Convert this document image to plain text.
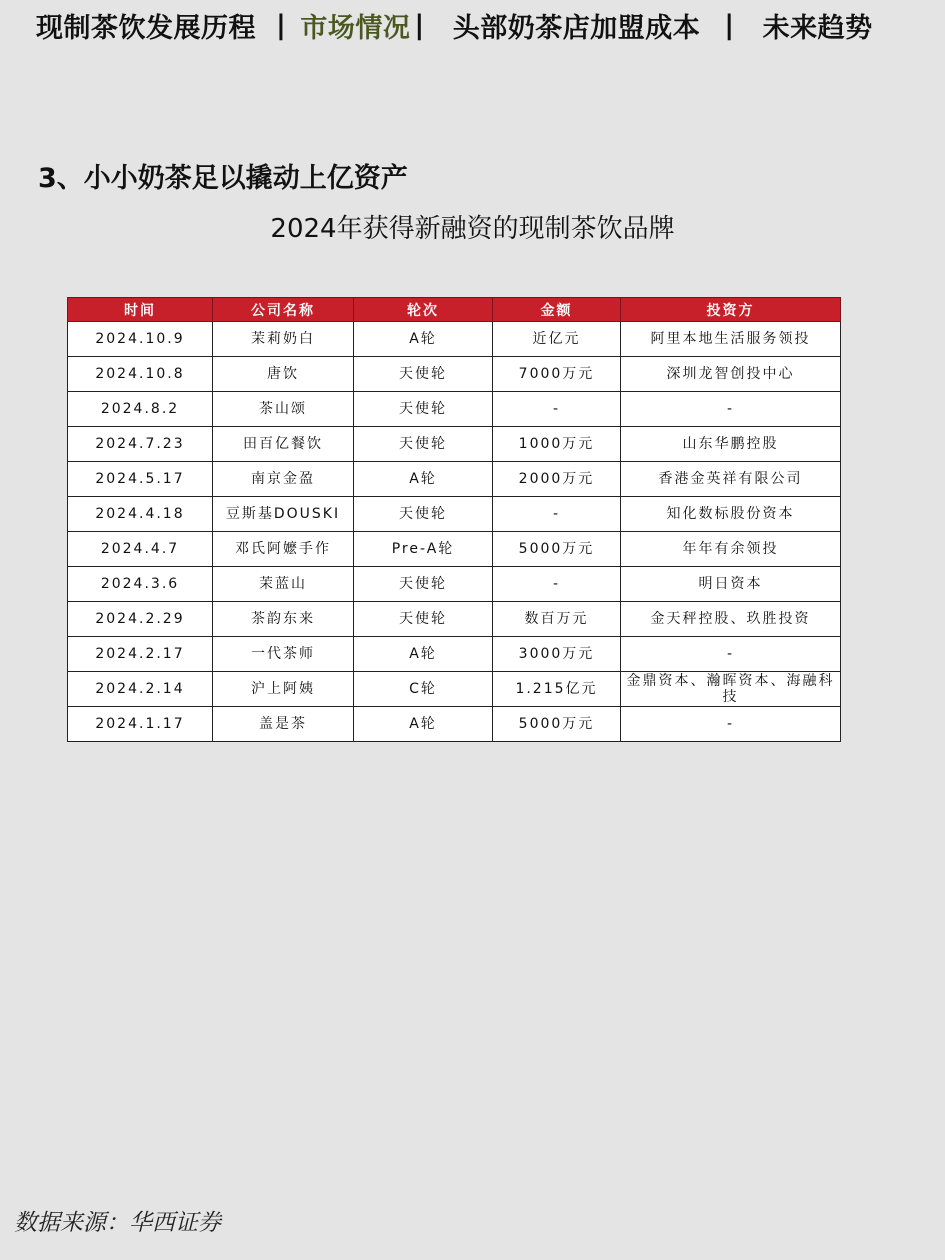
现制茶饮发展历程 | 市场情况 | 头部奶茶店加盟成本 | 未来趋势
3、小小奶茶足以撬动上亿资产
2024年获得新融资的现制茶饮品牌
时间	公司名称	轮次	金额	投资方
2024.10.9	茉莉奶白	A轮	近亿元	阿里本地生活服务领投
2024.10.8	唐饮	天使轮	7000万元	深圳龙智创投中心
2024.8.2	茶山颂	天使轮	-	-
2024.7.23	田百亿餐饮	天使轮	1000万元	山东华鹏控股
2024.5.17	南京金盈	A轮	2000万元	香港金英祥有限公司
2024.4.18	豆斯基DOUSKI	天使轮	-	知化数标股份资本
2024.4.7	邓氏阿嬷手作	Pre-A轮	5000万元	年年有余领投
2024.3.6	茉蓝山	天使轮	-	明日资本
2024.2.29	茶韵东来	天使轮	数百万元	金天秤控股、玖胜投资
2024.2.17	一代茶师	A轮	3000万元	-
2024.2.14	沪上阿姨	C轮	1.215亿元	金鼎资本、瀚晖资本、海融科技
2024.1.17	盖是茶	A轮	5000万元	-
数据来源：华西证券
